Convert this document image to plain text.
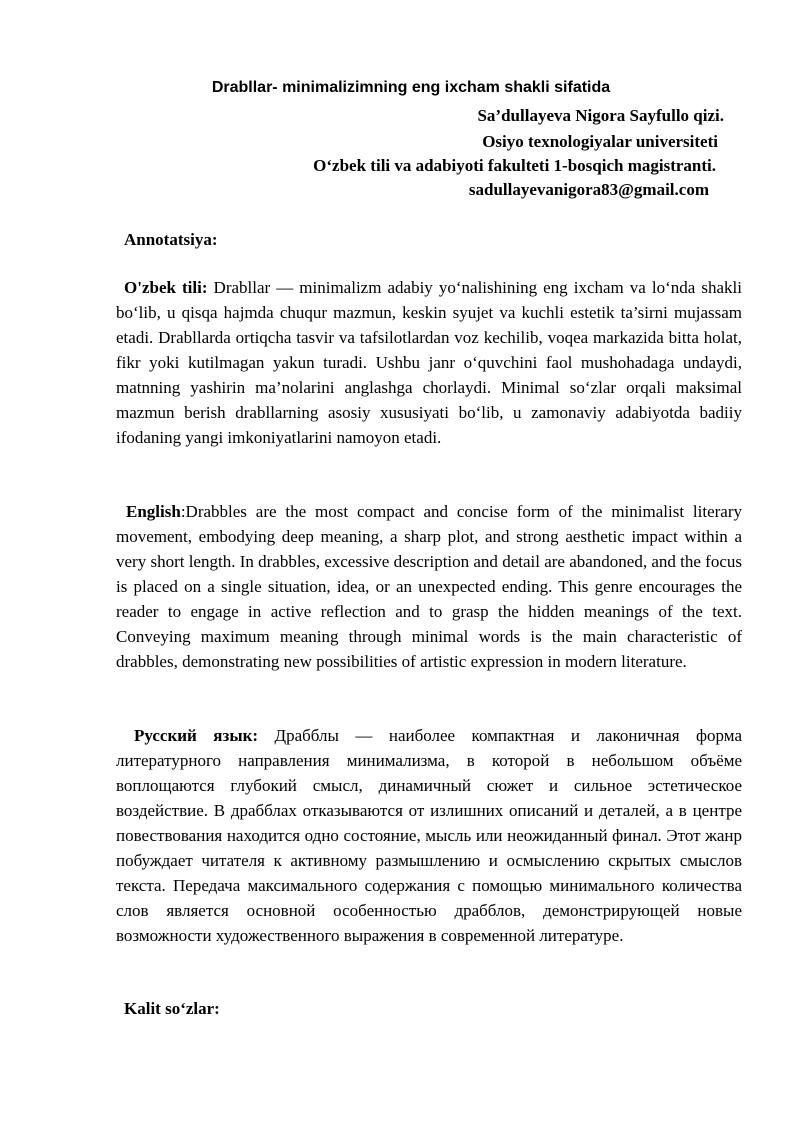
Drabllar- minimalizimning eng ixcham shakli sifatida
Sa’dullayeva Nigora Sayfullo qizi.
Osiyo texnologiyalar universiteti
O‘zbek tili va adabiyoti fakulteti 1-bosqich magistranti.
sadullayevanigora83@gmail.com
Annotatsiya:

O'zbek tili: Drabllar — minimalizm adabiy yo‘nalishining eng ixcham va lo‘nda shakli bo‘lib, u qisqa hajmda chuqur mazmun, keskin syujet va kuchli estetik ta’sirni mujassam etadi. Drabllarda ortiqcha tasvir va tafsilotlardan voz kechilib, voqea markazida bitta holat, fikr yoki kutilmagan yakun turadi. Ushbu janr o‘quvchini faol mushohadaga undaydi, matnning yashirin ma’nolarini anglashga chorlaydi. Minimal so‘zlar orqali maksimal mazmun berish drabllarning asosiy xususiyati bo‘lib, u zamonaviy adabiyotda badiiy ifodaning yangi imkoniyatlarini namoyon etadi.

English:Drabbles are the most compact and concise form of the minimalist literary movement, embodying deep meaning, a sharp plot, and strong aesthetic impact within a very short length. In drabbles, excessive description and detail are abandoned, and the focus is placed on a single situation, idea, or an unexpected ending. This genre encourages the reader to engage in active reflection and to grasp the hidden meanings of the text. Conveying maximum meaning through minimal words is the main characteristic of drabbles, demonstrating new possibilities of artistic expression in modern literature.

Русский язык: Драбблы — наиболее компактная и лаконичная форма литературного направления минимализма, в которой в небольшом объёме воплощаются глубокий смысл, динамичный сюжет и сильное эстетическое воздействие. В драбблах отказываются от излишних описаний и деталей, а в центре повествования находится одно состояние, мысль или неожиданный финал. Этот жанр побуждает читателя к активному размышлению и осмыслению скрытых смыслов текста. Передача максимального содержания с помощью минимального количества слов является основной особенностью драбблов, демонстрирующей новые возможности художественного выражения в современной литературе.

Kalit so‘zlar:
